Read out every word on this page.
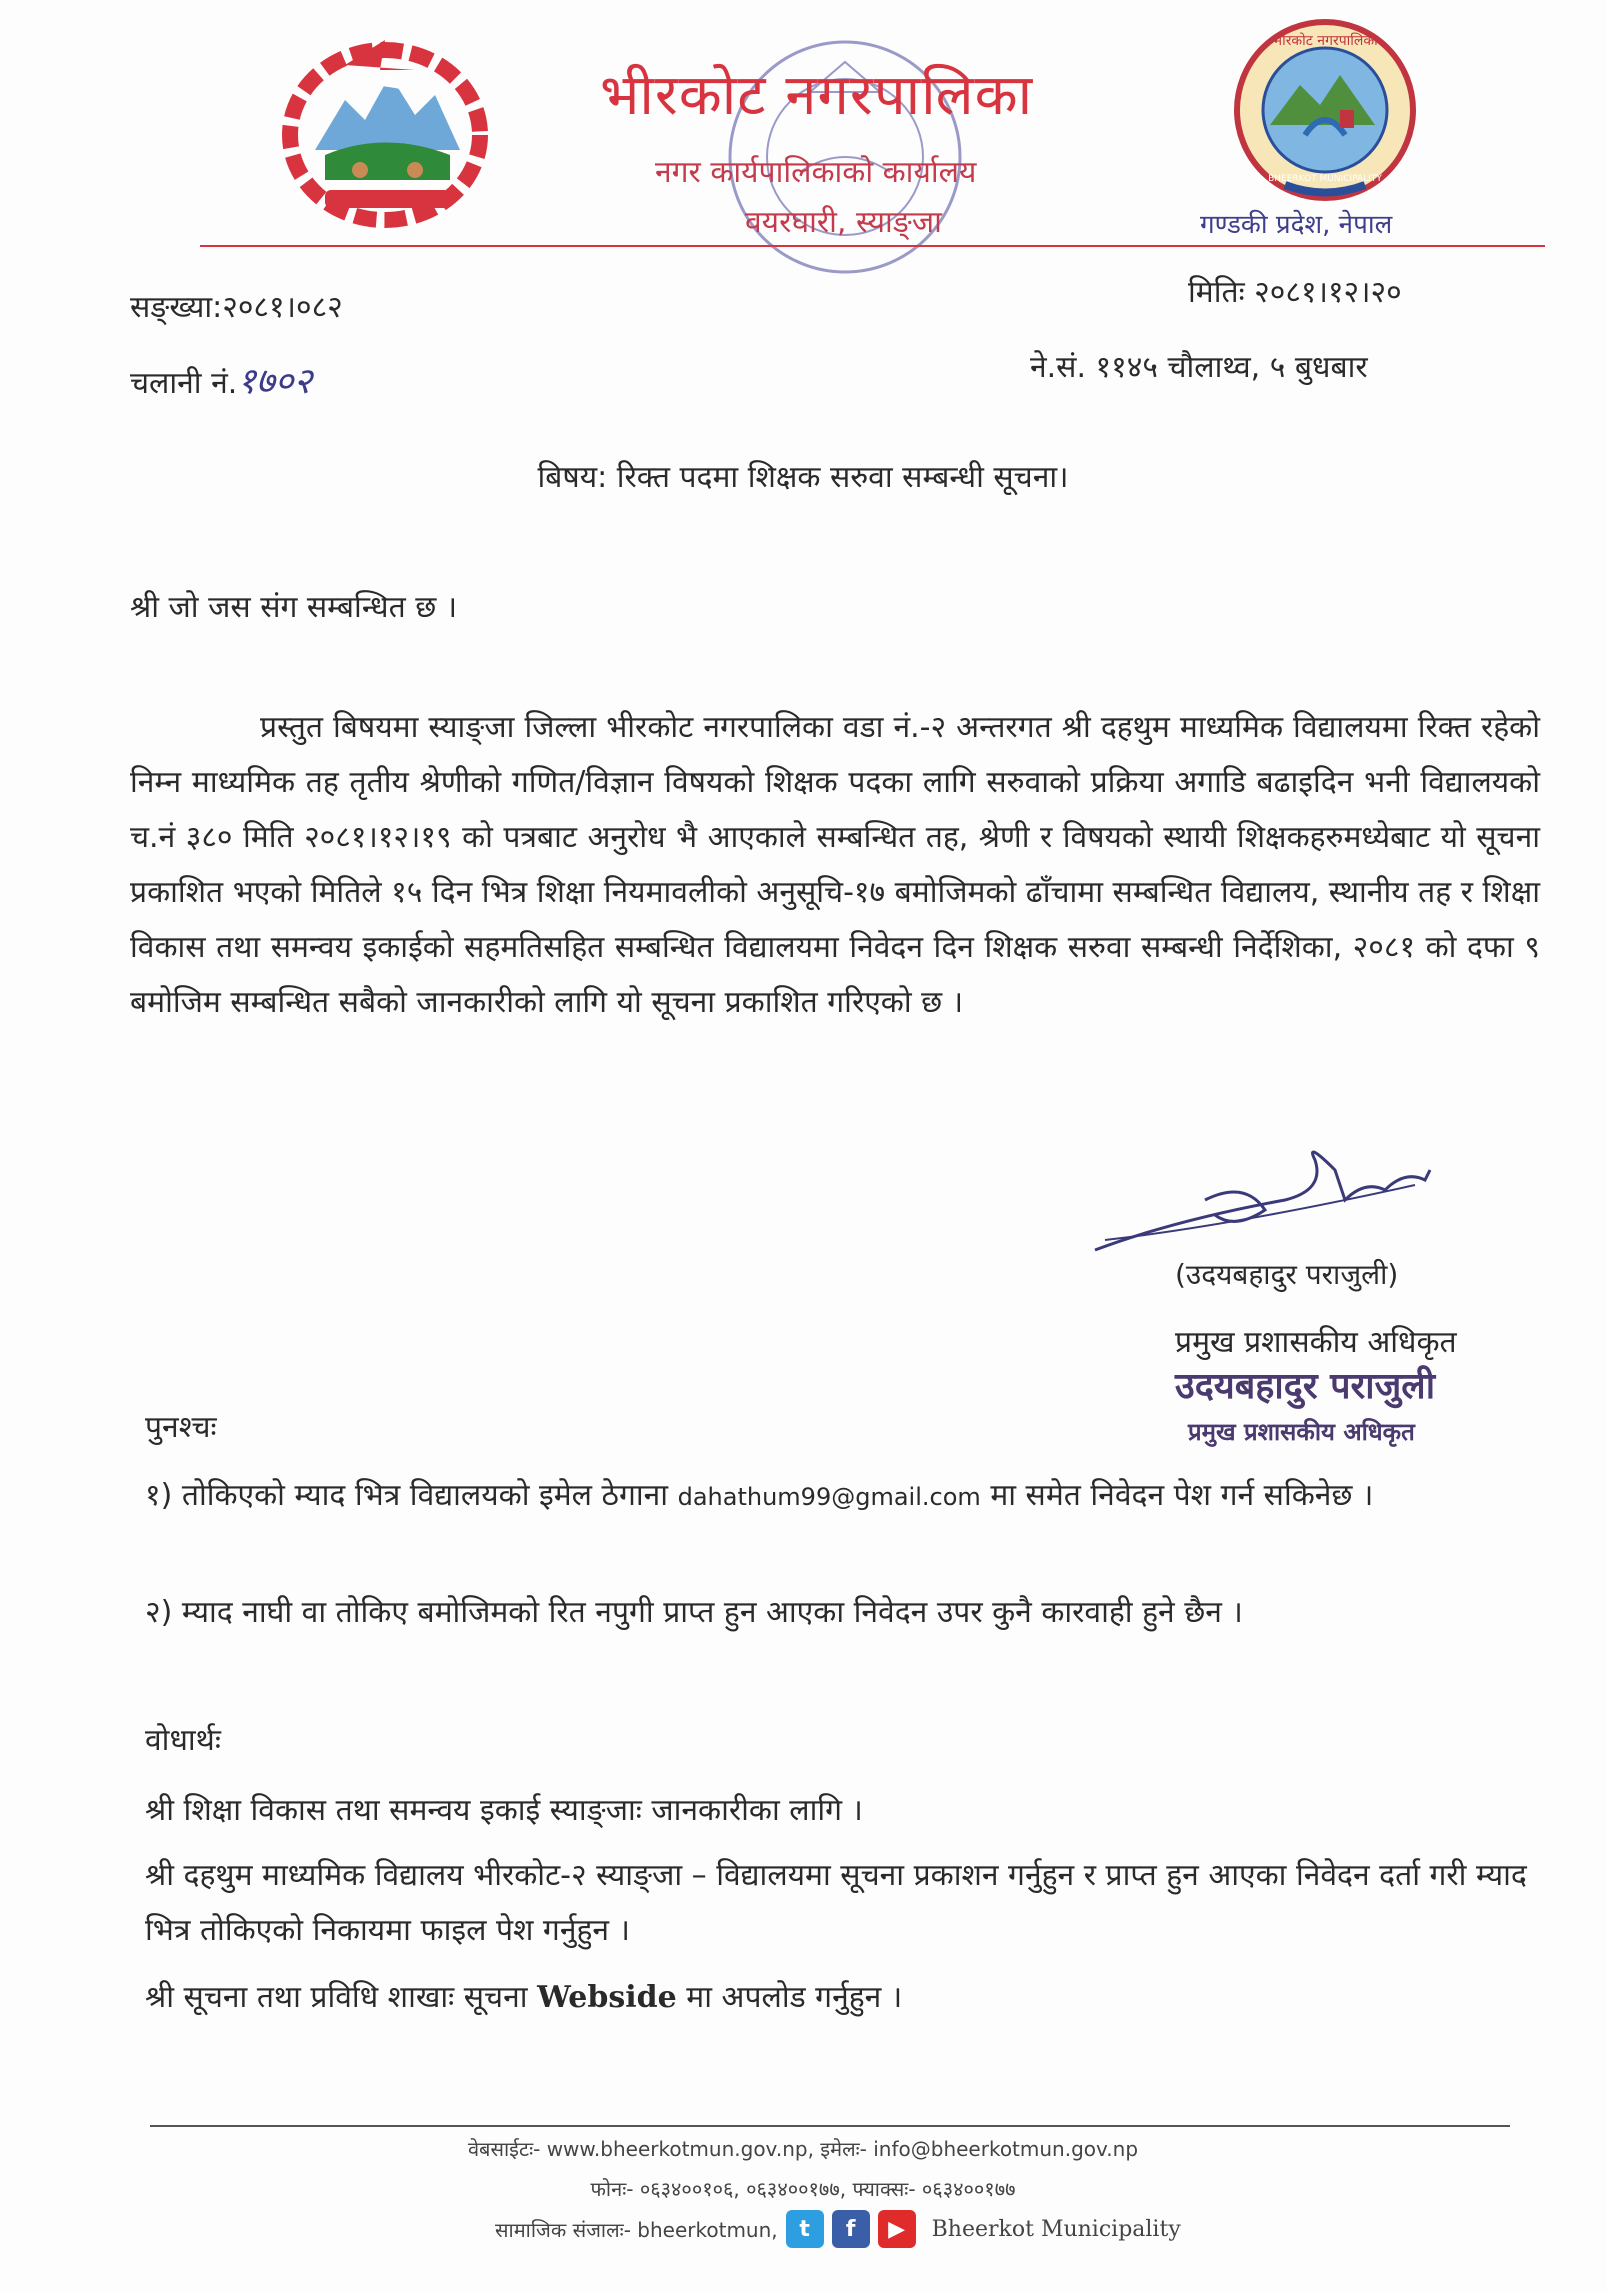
भीरकोट नगरपालिका
BHEERKOT MUNICIPALITY
भीरकोट नगरपालिका
नगर कार्यपालिकाको कार्यालय
वयरघारी, स्याङ्जा	गण्डकी प्रदेश, नेपाल
सङ्ख्या:२०८१।०८२	मितिः २०८१।१२।२०
चलानी नं.१७०२	ने.सं. ११४५ चौलाथ्व, ५ बुधबार
बिषय: रिक्त पदमा शिक्षक सरुवा सम्बन्धी सूचना।
श्री जो जस संग सम्बन्धित छ ।
प्रस्तुत बिषयमा स्याङ्जा जिल्ला भीरकोट नगरपालिका वडा नं.-२ अन्तरगत श्री दहथुम माध्यमिक विद्यालयमा रिक्त रहेको निम्न माध्यमिक तह तृतीय श्रेणीको गणित/विज्ञान विषयको शिक्षक पदका लागि सरुवाको प्रक्रिया अगाडि बढाइदिन भनी विद्यालयको च.नं ३८० मिति २०८१।१२।१९ को पत्रबाट अनुरोध भै आएकाले सम्बन्धित तह, श्रेणी र विषयको स्थायी शिक्षकहरुमध्येबाट यो सूचना प्रकाशित भएको मितिले १५ दिन भित्र शिक्षा नियमावलीको अनुसूचि-१७ बमोजिमको ढाँचामा सम्बन्धित विद्यालय, स्थानीय तह र शिक्षा विकास तथा समन्वय इकाईको सहमतिसहित सम्बन्धित विद्यालयमा निवेदन दिन शिक्षक सरुवा सम्बन्धी निर्देशिका, २०८१ को दफा ९ बमोजिम सम्बन्धित सबैको जानकारीको लागि यो सूचना प्रकाशित गरिएको छ ।
(उदयबहादुर पराजुली)
प्रमुख प्रशासकीय अधिकृत
उदयबहादुर पराजुली
प्रमुख प्रशासकीय अधिकृत
पुनश्चः
१) तोकिएको म्याद भित्र विद्यालयको इमेल ठेगाना dahathum99@gmail.com मा समेत निवेदन पेश गर्न सकिनेछ ।
२) म्याद नाघी वा तोकिए बमोजिमको रित नपुगी प्राप्त हुन आएका निवेदन उपर कुनै कारवाही हुने छैन ।
वोधार्थः
श्री शिक्षा विकास तथा समन्वय इकाई स्याङ्जाः जानकारीका लागि ।
श्री दहथुम माध्यमिक विद्यालय भीरकोट-२ स्याङ्जा – विद्यालयमा सूचना प्रकाशन गर्नुहुन र प्राप्त हुन आएका निवेदन दर्ता गरी म्याद भित्र तोकिएको निकायमा फाइल पेश गर्नुहुन ।
श्री सूचना तथा प्रविधि शाखाः सूचना Webside मा अपलोड गर्नुहुन ।
वेबसाईटः- www.bheerkotmun.gov.np, इमेलः- info@bheerkotmun.gov.np
फोनः- ०६३४००१०६, ०६३४००१७७, फ्याक्सः- ०६३४००१७७
सामाजिक संजालः- bheerkotmun, t	f	▶	Bheerkot Municipality
